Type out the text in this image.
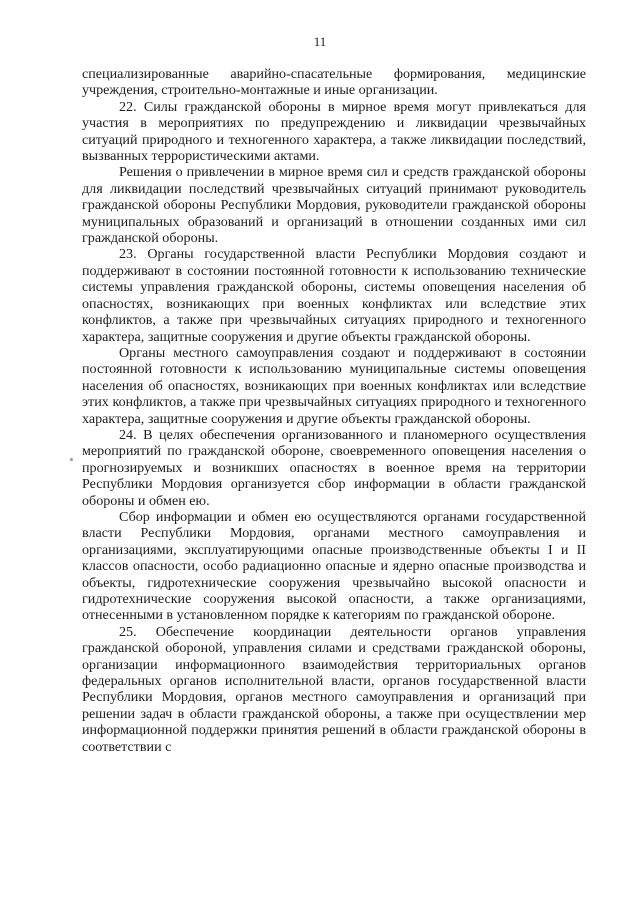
11

специализированные аварийно-спасательные формирования, медицинские учреждения, строительно-монтажные и иные организации.

22. Силы гражданской обороны в мирное время могут привлекаться для участия в мероприятиях по предупреждению и ликвидации чрезвычайных ситуаций природного и техногенного характера, а также ликвидации последствий, вызванных террористическими актами.

Решения о привлечении в мирное время сил и средств гражданской обороны для ликвидации последствий чрезвычайных ситуаций принимают руководитель гражданской обороны Республики Мордовия, руководители гражданской обороны муниципальных образований и организаций в отношении созданных ими сил гражданской обороны.

23. Органы государственной власти Республики Мордовия создают и поддерживают в состоянии постоянной готовности к использованию технические системы управления гражданской обороны, системы оповещения населения об опасностях, возникающих при военных конфликтах или вследствие этих конфликтов, а также при чрезвычайных ситуациях природного и техногенного характера, защитные сооружения и другие объекты гражданской обороны.

Органы местного самоуправления создают и поддерживают в состоянии постоянной готовности к использованию муниципальные системы оповещения населения об опасностях, возникающих при военных конфликтах или вследствие этих конфликтов, а также при чрезвычайных ситуациях природного и техногенного характера, защитные сооружения и другие объекты гражданской обороны.

24. В целях обеспечения организованного и планомерного осуществления мероприятий по гражданской обороне, своевременного оповещения населения о прогнозируемых и возникших опасностях в военное время на территории Республики Мордовия организуется сбор информации в области гражданской обороны и обмен ею.

Сбор информации и обмен ею осуществляются органами государственной власти Республики Мордовия, органами местного самоуправления и организациями, эксплуатирующими опасные производственные объекты I и II классов опасности, особо радиационно опасные и ядерно опасные производства и объекты, гидротехнические сооружения чрезвычайно высокой опасности и гидротехнические сооружения высокой опасности, а также организациями, отнесенными в установленном порядке к категориям по гражданской обороне.

25. Обеспечение координации деятельности органов управления гражданской обороной, управления силами и средствами гражданской обороны, организации информационного взаимодействия территориальных органов федеральных органов исполнительной власти, органов государственной власти Республики Мордовия, органов местного самоуправления и организаций при решении задач в области гражданской обороны, а также при осуществлении мер информационной поддержки принятия решений в области гражданской обороны в соответствии с
